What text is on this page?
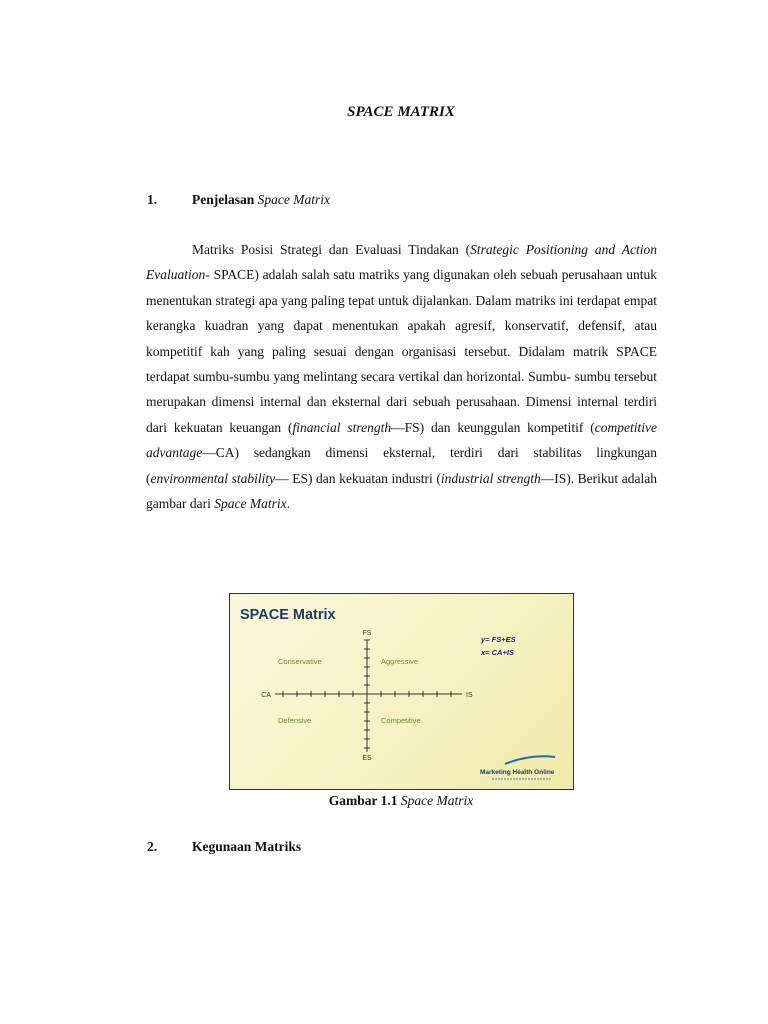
SPACE MATRIX
1.	Penjelasan Space Matrix
Matriks Posisi Strategi dan Evaluasi Tindakan (Strategic Positioning and Action Evaluation- SPACE) adalah salah satu matriks yang digunakan oleh sebuah perusahaan untuk menentukan strategi apa yang paling tepat untuk dijalankan. Dalam matriks ini terdapat empat kerangka kuadran yang dapat menentukan apakah agresif, konservatif, defensif, atau kompetitif kah yang paling sesuai dengan organisasi tersebut. Didalam matrik SPACE terdapat sumbu-sumbu yang melintang secara vertikal dan horizontal. Sumbu- sumbu tersebut merupakan dimensi internal dan eksternal dari sebuah perusahaan. Dimensi internal terdiri dari kekuatan keuangan (financial strength—FS) dan keunggulan kompetitif (competitive advantage—CA) sedangkan dimensi eksternal, terdiri dari stabilitas lingkungan (environmental stability— ES) dan kekuatan industri (industrial strength—IS). Berikut adalah gambar dari Space Matrix.
SPACE Matrix
FS
ES
CA	IS
Conservative	Aggressive
Defensive	Competitive
y= FS+ES
x= CA+IS
Marketing Health Online
Gambar 1.1 Space Matrix
2.	Kegunaan Matriks
